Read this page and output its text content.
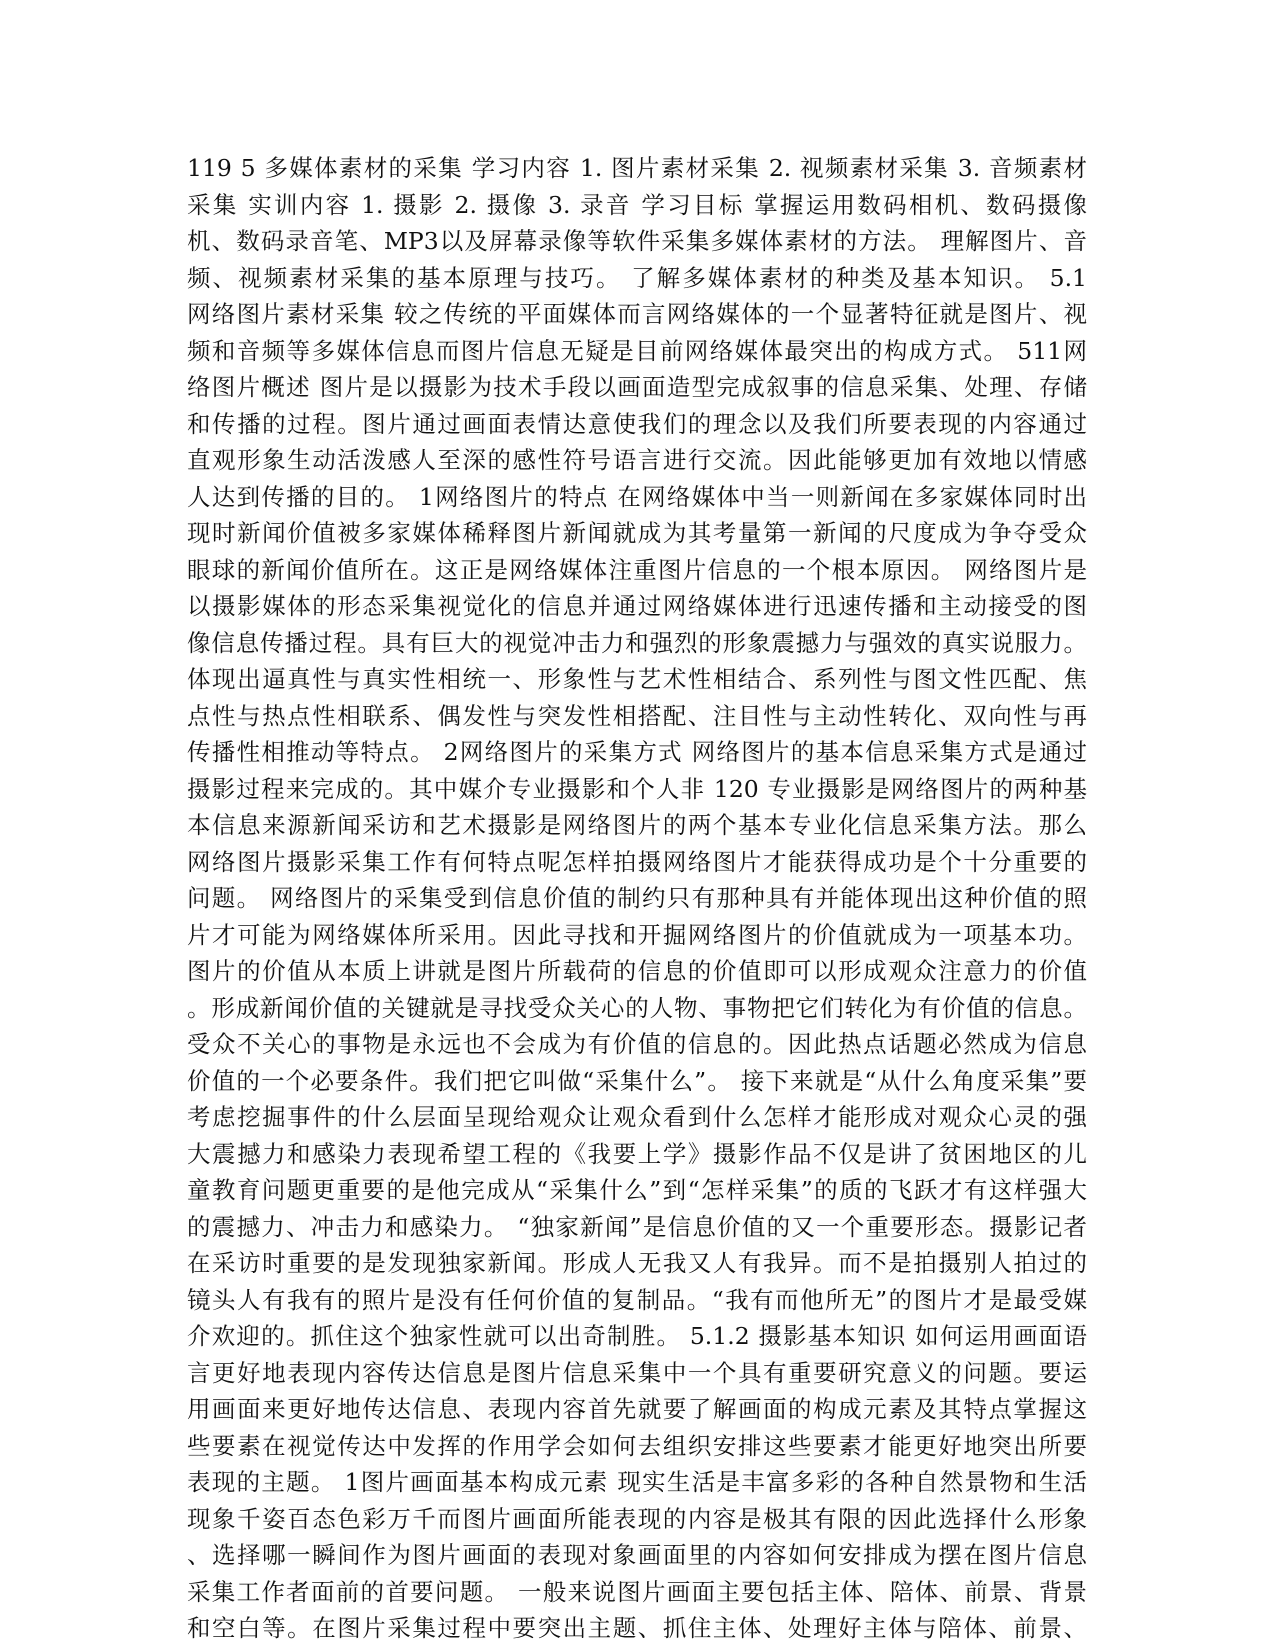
119 5 多媒体素材的采集 学习内容 1. 图片素材采集 2. 视频素材采集 3. 音频素材
采集 实训内容 1. 摄影 2. 摄像 3. 录音 学习目标 掌握运用数码相机、数码摄像
机、数码录音笔、MP3以及屏幕录像等软件采集多媒体素材的方法。 理解图片、音
频、视频素材采集的基本原理与技巧。 了解多媒体素材的种类及基本知识。 5.1
网络图片素材采集 较之传统的平面媒体而言网络媒体的一个显著特征就是图片、视
频和音频等多媒体信息而图片信息无疑是目前网络媒体最突出的构成方式。 511网
络图片概述 图片是以摄影为技术手段以画面造型完成叙事的信息采集、处理、存储
和传播的过程。图片通过画面表情达意使我们的理念以及我们所要表现的内容通过
直观形象生动活泼感人至深的感性符号语言进行交流。因此能够更加有效地以情感
人达到传播的目的。 1网络图片的特点 在网络媒体中当一则新闻在多家媒体同时出
现时新闻价值被多家媒体稀释图片新闻就成为其考量第一新闻的尺度成为争夺受众
眼球的新闻价值所在。这正是网络媒体注重图片信息的一个根本原因。 网络图片是
以摄影媒体的形态采集视觉化的信息并通过网络媒体进行迅速传播和主动接受的图
像信息传播过程。具有巨大的视觉冲击力和强烈的形象震撼力与强效的真实说服力。
体现出逼真性与真实性相统一、形象性与艺术性相结合、系列性与图文性匹配、焦
点性与热点性相联系、偶发性与突发性相搭配、注目性与主动性转化、双向性与再
传播性相推动等特点。 2网络图片的采集方式 网络图片的基本信息采集方式是通过
摄影过程来完成的。其中媒介专业摄影和个人非 120 专业摄影是网络图片的两种基
本信息来源新闻采访和艺术摄影是网络图片的两个基本专业化信息采集方法。那么
网络图片摄影采集工作有何特点呢怎样拍摄网络图片才能获得成功是个十分重要的
问题。 网络图片的采集受到信息价值的制约只有那种具有并能体现出这种价值的照
片才可能为网络媒体所采用。因此寻找和开掘网络图片的价值就成为一项基本功。
图片的价值从本质上讲就是图片所载荷的信息的价值即可以形成观众注意力的价值
。形成新闻价值的关键就是寻找受众关心的人物、事物把它们转化为有价值的信息。
受众不关心的事物是永远也不会成为有价值的信息的。因此热点话题必然成为信息
价值的一个必要条件。我们把它叫做“采集什么”。 接下来就是“从什么角度采集”要
考虑挖掘事件的什么层面呈现给观众让观众看到什么怎样才能形成对观众心灵的强
大震撼力和感染力表现希望工程的《我要上学》摄影作品不仅是讲了贫困地区的儿
童教育问题更重要的是他完成从“采集什么”到“怎样采集”的质的飞跃才有这样强大
的震撼力、冲击力和感染力。 “独家新闻”是信息价值的又一个重要形态。摄影记者
在采访时重要的是发现独家新闻。形成人无我又人有我异。而不是拍摄别人拍过的
镜头人有我有的照片是没有任何价值的复制品。“我有而他所无”的图片才是最受媒
介欢迎的。抓住这个独家性就可以出奇制胜。 5.1.2 摄影基本知识 如何运用画面语
言更好地表现内容传达信息是图片信息采集中一个具有重要研究意义的问题。要运
用画面来更好地传达信息、表现内容首先就要了解画面的构成元素及其特点掌握这
些要素在视觉传达中发挥的作用学会如何去组织安排这些要素才能更好地突出所要
表现的主题。 1图片画面基本构成元素 现实生活是丰富多彩的各种自然景物和生活
现象千姿百态色彩万千而图片画面所能表现的内容是极其有限的因此选择什么形象
、选择哪一瞬间作为图片画面的表现对象画面里的内容如何安排成为摆在图片信息
采集工作者面前的首要问题。 一般来说图片画面主要包括主体、陪体、前景、背景
和空白等。在图片采集过程中要突出主题、抓住主体、处理好主体与陪体、前景、
